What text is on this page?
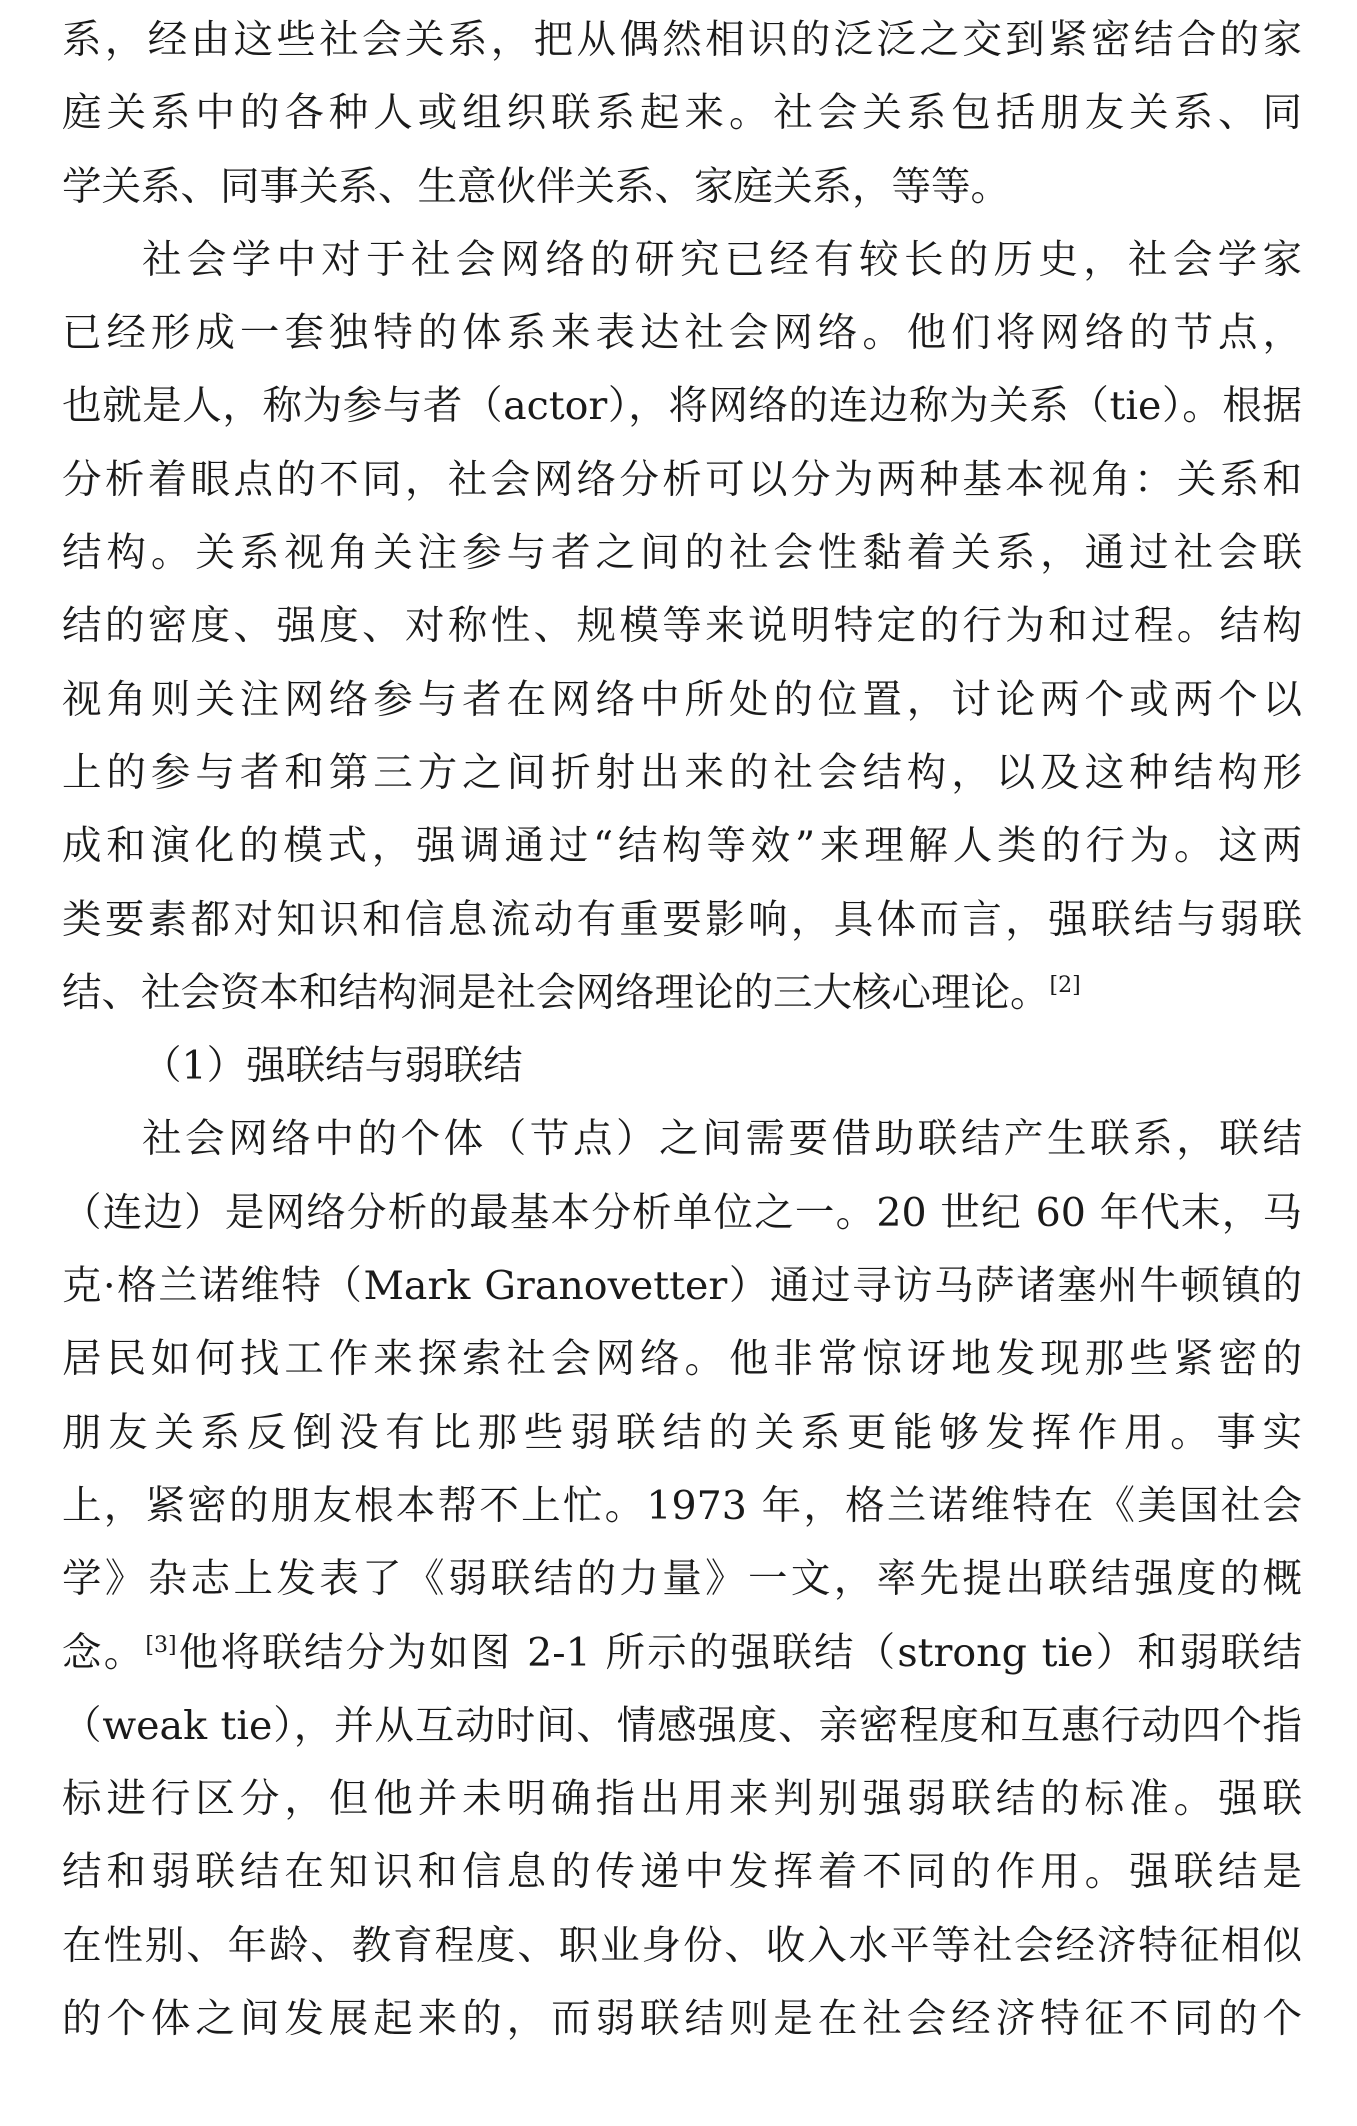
系，经由这些社会关系，把从偶然相识的泛泛之交到紧密结合的家
庭关系中的各种人或组织联系起来。社会关系包括朋友关系、同
学关系、同事关系、生意伙伴关系、家庭关系，等等。
社会学中对于社会网络的研究已经有较长的历史，社会学家
已经形成一套独特的体系来表达社会网络。他们将网络的节点，
也就是人，称为参与者（actor），将网络的连边称为关系（tie）。根据
分析着眼点的不同，社会网络分析可以分为两种基本视角：关系和
结构。关系视角关注参与者之间的社会性黏着关系，通过社会联
结的密度、强度、对称性、规模等来说明特定的行为和过程。结构
视角则关注网络参与者在网络中所处的位置，讨论两个或两个以
上的参与者和第三方之间折射出来的社会结构，以及这种结构形
成和演化的模式，强调通过“结构等效”来理解人类的行为。这两
类要素都对知识和信息流动有重要影响，具体而言，强联结与弱联
结、社会资本和结构洞是社会网络理论的三大核心理论。[2]
（1）强联结与弱联结
社会网络中的个体（节点）之间需要借助联结产生联系，联结
（连边）是网络分析的最基本分析单位之一。20 世纪 60 年代末，马
克·格兰诺维特（Mark Granovetter）通过寻访马萨诸塞州牛顿镇的
居民如何找工作来探索社会网络。他非常惊讶地发现那些紧密的
朋友关系反倒没有比那些弱联结的关系更能够发挥作用。事实
上，紧密的朋友根本帮不上忙。1973 年，格兰诺维特在《美国社会
学》杂志上发表了《弱联结的力量》一文，率先提出联结强度的概
念。[3]他将联结分为如图 2-1 所示的强联结（strong tie）和弱联结
（weak tie），并从互动时间、情感强度、亲密程度和互惠行动四个指
标进行区分，但他并未明确指出用来判别强弱联结的标准。强联
结和弱联结在知识和信息的传递中发挥着不同的作用。强联结是
在性别、年龄、教育程度、职业身份、收入水平等社会经济特征相似
的个体之间发展起来的，而弱联结则是在社会经济特征不同的个
